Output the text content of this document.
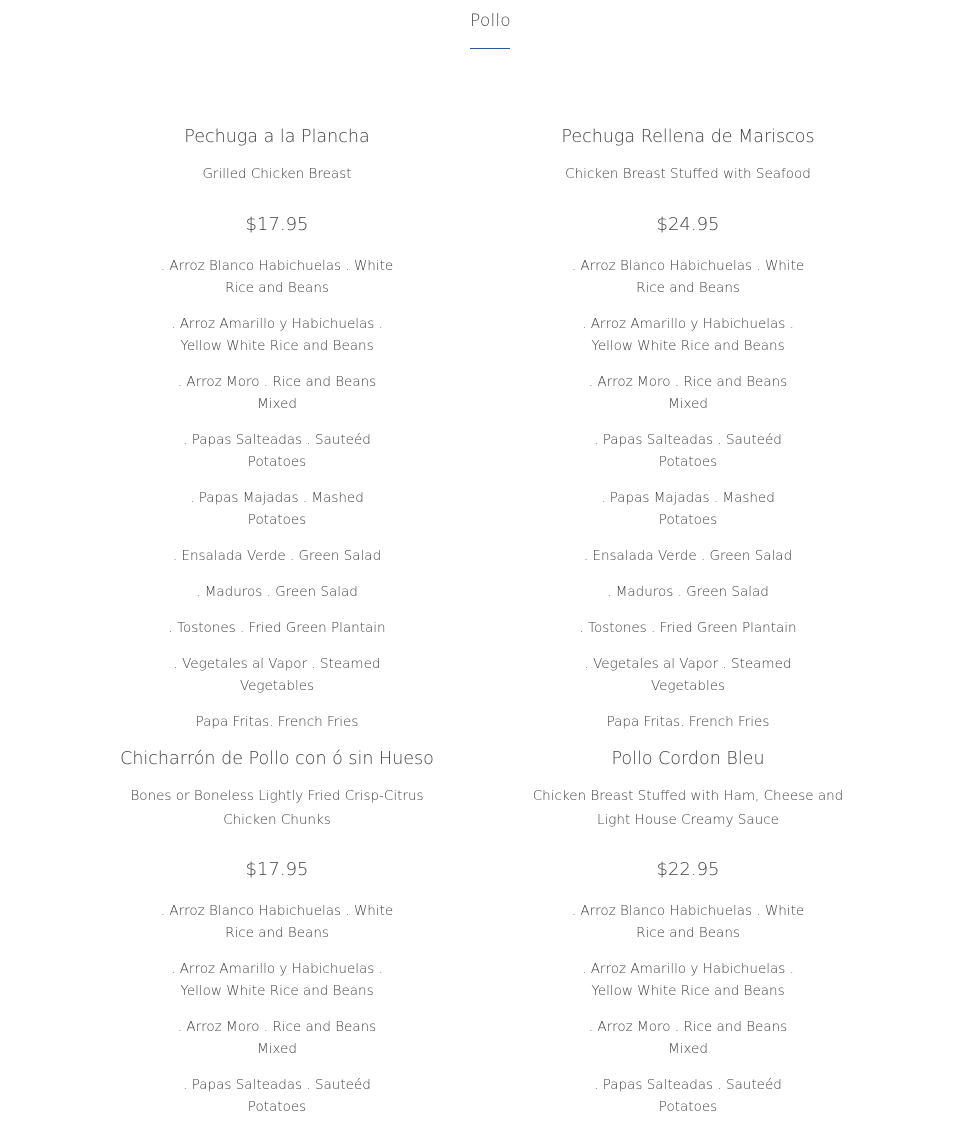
Pollo
Pechuga a la Plancha
Grilled Chicken Breast
$17.95
. Arroz Blanco Habichuelas . White Rice and Beans
. Arroz Amarillo y Habichuelas . Yellow White Rice and Beans
. Arroz Moro . Rice and Beans Mixed
. Papas Salteadas . Sauteéd Potatoes
. Papas Majadas . Mashed Potatoes
. Ensalada Verde . Green Salad
. Maduros . Green Salad
. Tostones . Fried Green Plantain
. Vegetales al Vapor . Steamed Vegetables
Papa Fritas. French Fries
Pechuga Rellena de Mariscos
Chicken Breast Stuffed with Seafood
$24.95
. Arroz Blanco Habichuelas . White Rice and Beans
. Arroz Amarillo y Habichuelas . Yellow White Rice and Beans
. Arroz Moro . Rice and Beans Mixed
. Papas Salteadas . Sauteéd Potatoes
. Papas Majadas . Mashed Potatoes
. Ensalada Verde . Green Salad
. Maduros . Green Salad
. Tostones . Fried Green Plantain
. Vegetales al Vapor . Steamed Vegetables
Papa Fritas. French Fries
Chicharrón de Pollo con ó sin Hueso
Bones or Boneless Lightly Fried Crisp-Citrus Chicken Chunks
$17.95
. Arroz Blanco Habichuelas . White Rice and Beans
. Arroz Amarillo y Habichuelas . Yellow White Rice and Beans
. Arroz Moro . Rice and Beans Mixed
. Papas Salteadas . Sauteéd Potatoes
Pollo Cordon Bleu
Chicken Breast Stuffed with Ham, Cheese and Light House Creamy Sauce
$22.95
. Arroz Blanco Habichuelas . White Rice and Beans
. Arroz Amarillo y Habichuelas . Yellow White Rice and Beans
. Arroz Moro . Rice and Beans Mixed
. Papas Salteadas . Sauteéd Potatoes
